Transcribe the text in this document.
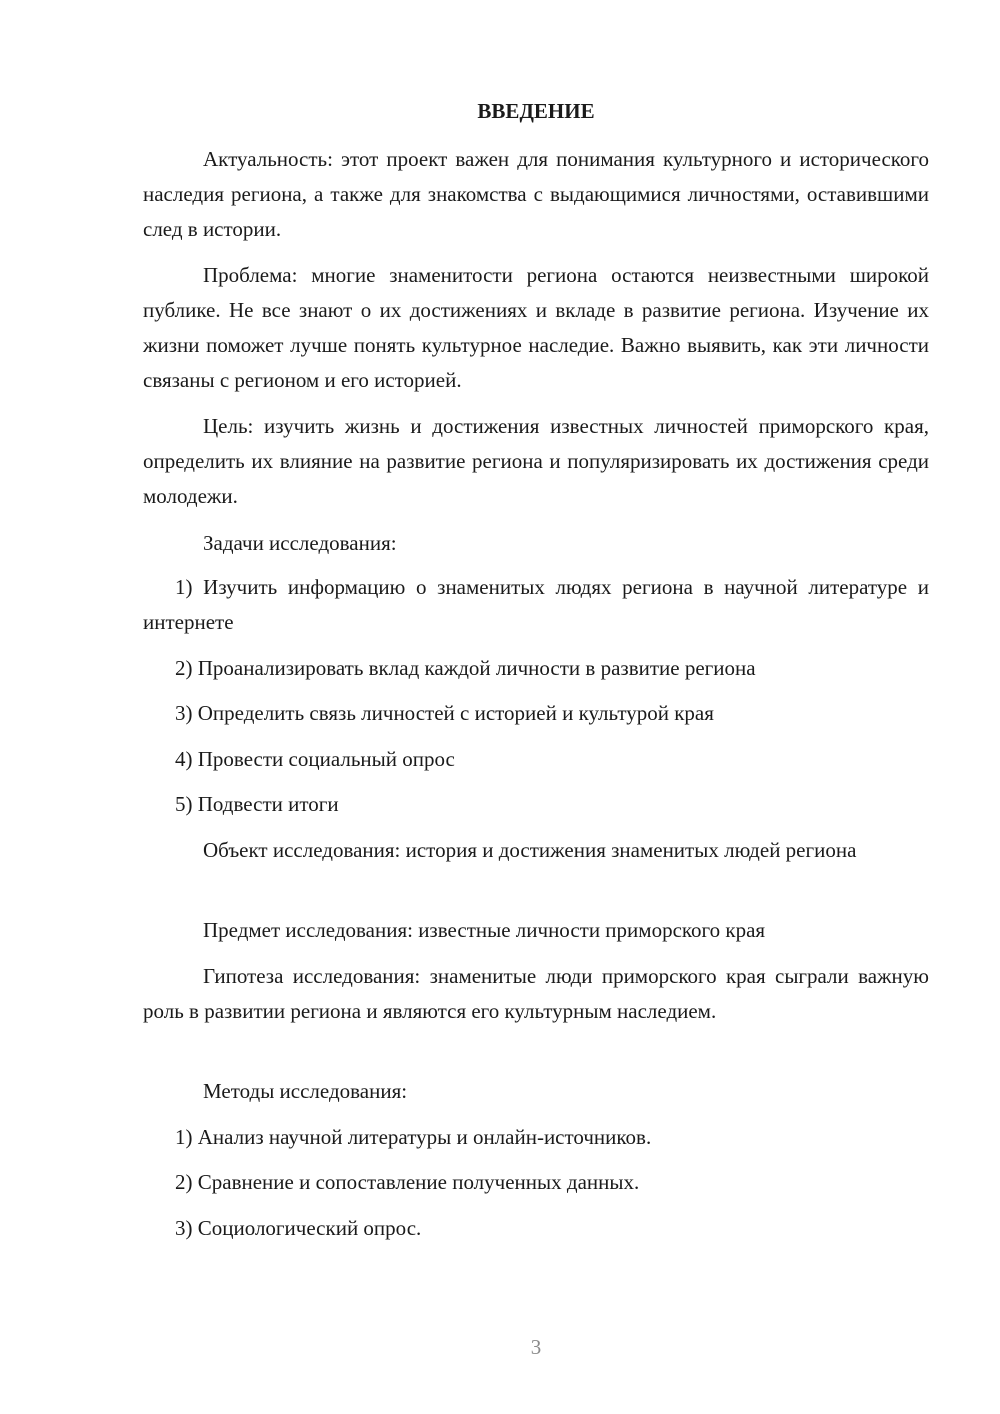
ВВЕДЕНИЕ

Актуальность: этот проект важен для понимания культурного и исторического наследия региона, а также для знакомства с выдающимися личностями, оставившими след в истории.

Проблема: многие знаменитости региона остаются неизвестными широкой публике. Не все знают о их достижениях и вкладе в развитие региона. Изучение их жизни поможет лучше понять культурное наследие. Важно выявить, как эти личности связаны с регионом и его историей.

Цель: изучить жизнь и достижения известных личностей приморского края, определить их влияние на развитие региона и популяризировать их достижения среди молодежи.

Задачи исследования:

1) Изучить информацию о знаменитых людях региона в научной литературе и интернете

2) Проанализировать вклад каждой личности в развитие региона

3) Определить связь личностей с историей и культурой края

4) Провести социальный опрос

5) Подвести итоги

Объект исследования: история и достижения знаменитых людей региона

Предмет исследования: известные личности приморского края

Гипотеза исследования: знаменитые люди приморского края сыграли важную роль в развитии региона и являются его культурным наследием.

Методы исследования:

1) Анализ научной литературы и онлайн-источников.

2) Сравнение и сопоставление полученных данных.

3) Социологический опрос.

3
